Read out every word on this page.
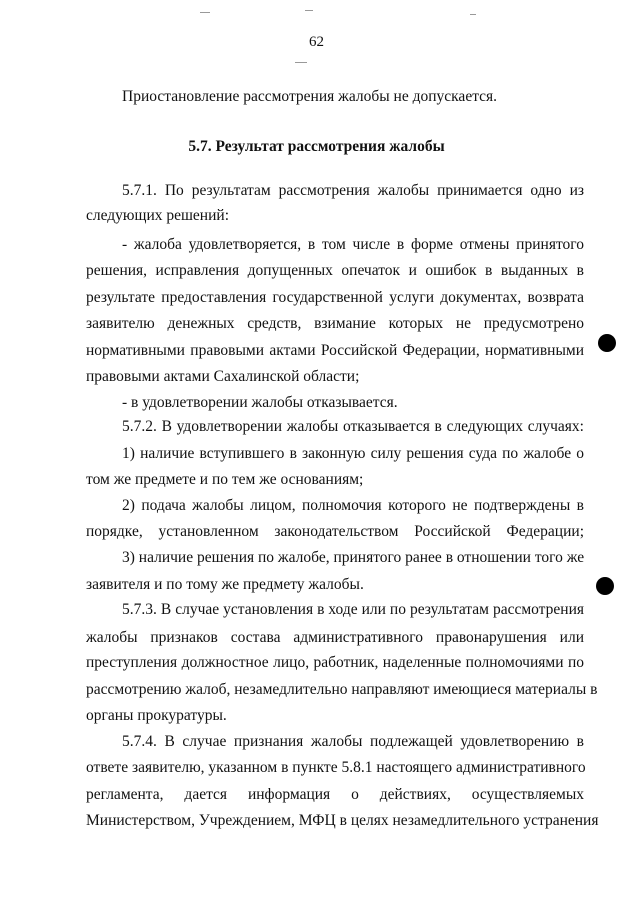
62
Приостановление рассмотрения жалобы не допускается.
5.7. Результат рассмотрения жалобы
5.7.1. По результатам рассмотрения жалобы принимается одно из
следующих решений:
- жалоба удовлетворяется, в том числе в форме отмены принятого
решения, исправления допущенных опечаток и ошибок в выданных в
результате предоставления государственной услуги документах, возврата
заявителю денежных средств, взимание которых не предусмотрено
нормативными правовыми актами Российской Федерации, нормативными
правовыми актами Сахалинской области;
- в удовлетворении жалобы отказывается.
5.7.2. В удовлетворении жалобы отказывается в следующих случаях:
1) наличие вступившего в законную силу решения суда по жалобе о
том же предмете и по тем же основаниям;
2) подача жалобы лицом, полномочия которого не подтверждены в
порядке, установленном законодательством Российской Федерации;
3) наличие решения по жалобе, принятого ранее в отношении того же
заявителя и по тому же предмету жалобы.
5.7.3. В случае установления в ходе или по результатам рассмотрения
жалобы признаков состава административного правонарушения или
преступления должностное лицо, работник, наделенные полномочиями по
рассмотрению жалоб, незамедлительно направляют имеющиеся материалы в
органы прокуратуры.
5.7.4. В случае признания жалобы подлежащей удовлетворению в
ответе заявителю, указанном в пункте 5.8.1 настоящего административного
регламента, дается информация о действиях, осуществляемых
Министерством, Учреждением, МФЦ в целях незамедлительного устранения
